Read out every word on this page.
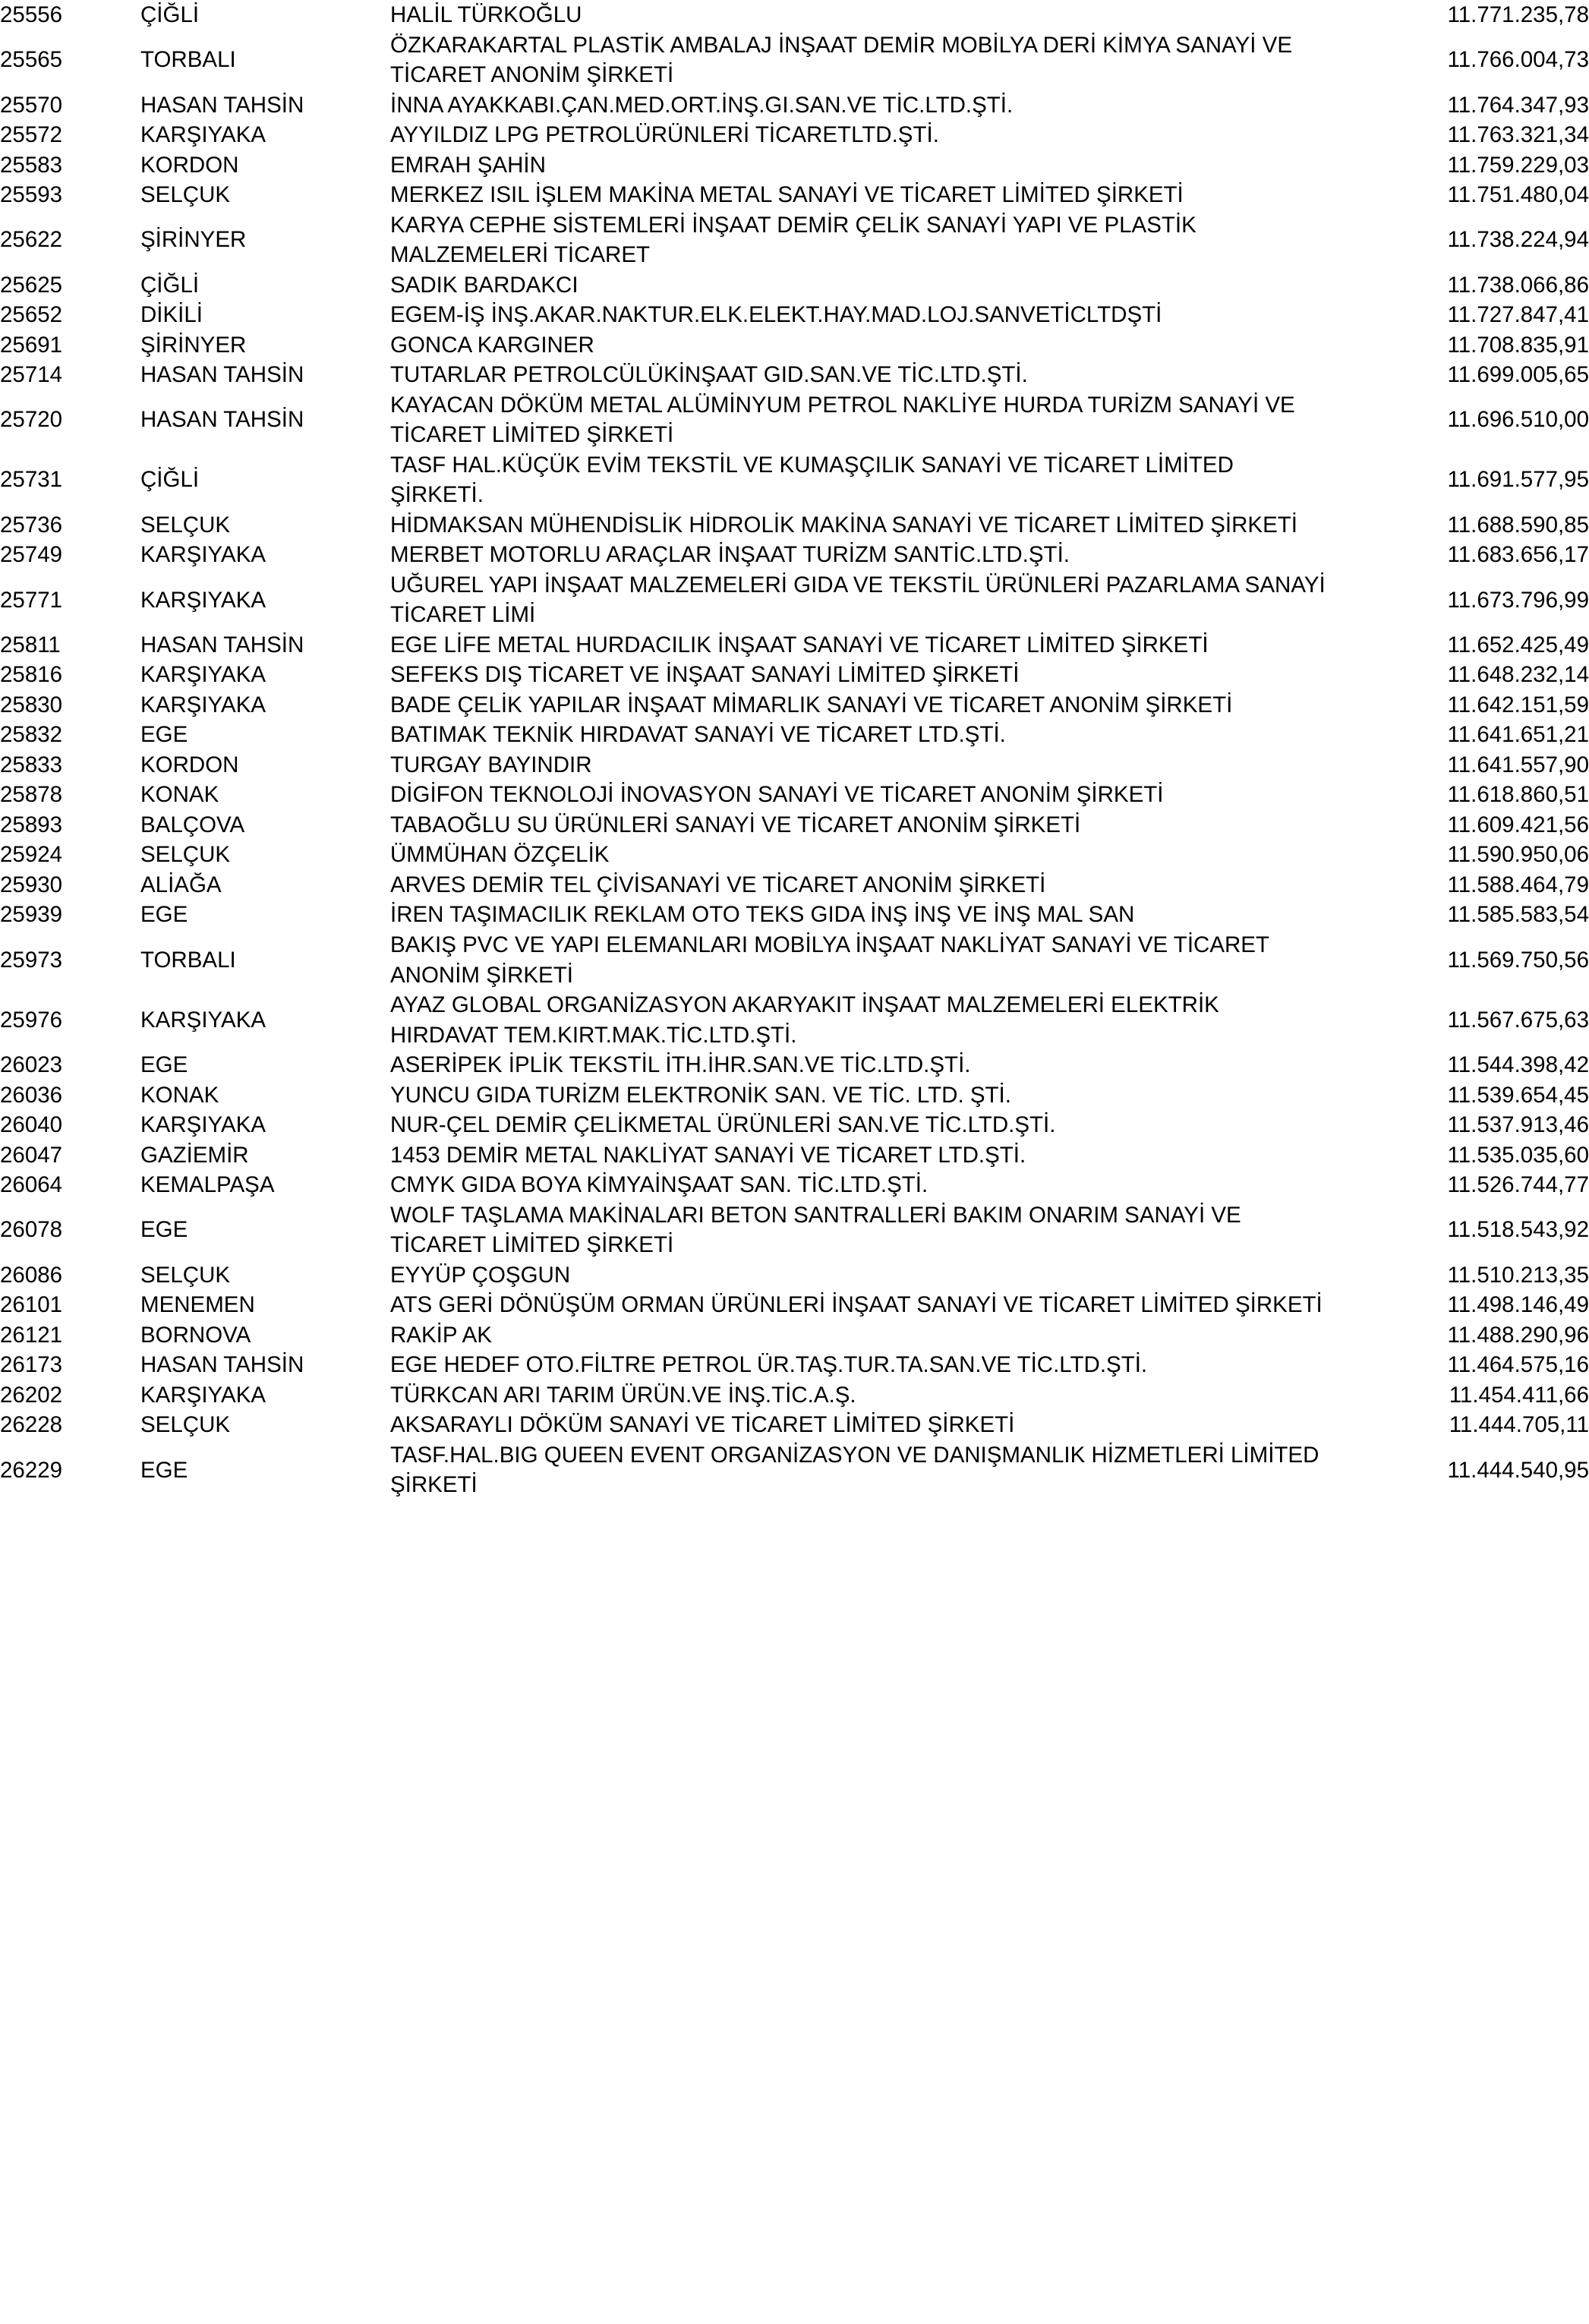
25556	ÇİĞLİ	HALİL TÜRKOĞLU	11.771.235,78
25565	TORBALI	ÖZKARAKARTAL PLASTİK AMBALAJ İNŞAAT DEMİR MOBİLYA DERİ KİMYA SANAYİ VE TİCARET ANONİM ŞİRKETİ	11.766.004,73
25570	HASAN TAHSİN	İNNA AYAKKABI.ÇAN.MED.ORT.İNŞ.GI.SAN.VE TİC.LTD.ŞTİ.	11.764.347,93
25572	KARŞIYAKA	AYYILDIZ LPG PETROLÜRÜNLERİ TİCARETLTD.ŞTİ.	11.763.321,34
25583	KORDON	EMRAH ŞAHİN	11.759.229,03
25593	SELÇUK	MERKEZ ISIL İŞLEM MAKİNA METAL SANAYİ VE TİCARET LİMİTED ŞİRKETİ	11.751.480,04
25622	ŞİRİNYER	KARYA CEPHE SİSTEMLERİ İNŞAAT DEMİR ÇELİK SANAYİ YAPI VE PLASTİK MALZEMELERİ TİCARET	11.738.224,94
25625	ÇİĞLİ	SADIK BARDAKCI	11.738.066,86
25652	DİKİLİ	EGEM-İŞ İNŞ.AKAR.NAKTUR.ELK.ELEKT.HAY.MAD.LOJ.SANVETİCLTDŞTİ	11.727.847,41
25691	ŞİRİNYER	GONCA KARGINER	11.708.835,91
25714	HASAN TAHSİN	TUTARLAR PETROLCÜLÜKİNŞAAT GID.SAN.VE TİC.LTD.ŞTİ.	11.699.005,65
25720	HASAN TAHSİN	KAYACAN DÖKÜM METAL ALÜMİNYUM PETROL NAKLİYE HURDA TURİZM SANAYİ VE TİCARET LİMİTED ŞİRKETİ	11.696.510,00
25731	ÇİĞLİ	TASF HAL.KÜÇÜK EVİM TEKSTİL VE KUMAŞÇILIK SANAYİ VE TİCARET LİMİTED ŞİRKETİ.	11.691.577,95
25736	SELÇUK	HİDMAKSAN MÜHENDİSLİK HİDROLİK MAKİNA SANAYİ VE TİCARET LİMİTED ŞİRKETİ	11.688.590,85
25749	KARŞIYAKA	MERBET MOTORLU ARAÇLAR İNŞAAT TURİZM SANTİC.LTD.ŞTİ.	11.683.656,17
25771	KARŞIYAKA	UĞUREL YAPI İNŞAAT MALZEMELERİ GIDA VE TEKSTİL ÜRÜNLERİ PAZARLAMA SANAYİ TİCARET LİMİ	11.673.796,99
25811	HASAN TAHSİN	EGE LİFE METAL HURDACILIK İNŞAAT SANAYİ VE TİCARET LİMİTED ŞİRKETİ	11.652.425,49
25816	KARŞIYAKA	SEFEKS DIŞ TİCARET VE İNŞAAT SANAYİ LİMİTED ŞİRKETİ	11.648.232,14
25830	KARŞIYAKA	BADE ÇELİK YAPILAR İNŞAAT MİMARLIK SANAYİ VE TİCARET ANONİM ŞİRKETİ	11.642.151,59
25832	EGE	BATIMAK TEKNİK HIRDAVAT SANAYİ VE TİCARET LTD.ŞTİ.	11.641.651,21
25833	KORDON	TURGAY BAYINDIR	11.641.557,90
25878	KONAK	DİGİFON TEKNOLOJİ İNOVASYON SANAYİ VE TİCARET ANONİM ŞİRKETİ	11.618.860,51
25893	BALÇOVA	TABAOĞLU SU ÜRÜNLERİ SANAYİ VE TİCARET ANONİM ŞİRKETİ	11.609.421,56
25924	SELÇUK	ÜMMÜHAN ÖZÇELİK	11.590.950,06
25930	ALİAĞA	ARVES DEMİR TEL ÇİVİSANAYİ VE TİCARET ANONİM ŞİRKETİ	11.588.464,79
25939	EGE	İREN TAŞIMACILIK REKLAM OTO TEKS GIDA İNŞ İNŞ VE İNŞ MAL SAN	11.585.583,54
25973	TORBALI	BAKIŞ PVC VE YAPI ELEMANLARI MOBİLYA İNŞAAT NAKLİYAT SANAYİ VE TİCARET ANONİM ŞİRKETİ	11.569.750,56
25976	KARŞIYAKA	AYAZ GLOBAL ORGANİZASYON AKARYAKIT İNŞAAT MALZEMELERİ ELEKTRİK HIRDAVAT TEM.KIRT.MAK.TİC.LTD.ŞTİ.	11.567.675,63
26023	EGE	ASERİPEK İPLİK TEKSTİL İTH.İHR.SAN.VE TİC.LTD.ŞTİ.	11.544.398,42
26036	KONAK	YUNCU GIDA TURİZM ELEKTRONİK SAN. VE TİC. LTD. ŞTİ.	11.539.654,45
26040	KARŞIYAKA	NUR-ÇEL DEMİR ÇELİKMETAL ÜRÜNLERİ SAN.VE TİC.LTD.ŞTİ.	11.537.913,46
26047	GAZİEMİR	1453 DEMİR METAL NAKLİYAT SANAYİ VE TİCARET LTD.ŞTİ.	11.535.035,60
26064	KEMALPAŞA	CMYK GIDA BOYA KİMYAİNŞAAT SAN. TİC.LTD.ŞTİ.	11.526.744,77
26078	EGE	WOLF TAŞLAMA MAKİNALARI BETON SANTRALLERİ BAKIM ONARIM SANAYİ VE TİCARET LİMİTED ŞİRKETİ	11.518.543,92
26086	SELÇUK	EYYÜP ÇOŞGUN	11.510.213,35
26101	MENEMEN	ATS GERİ DÖNÜŞÜM ORMAN ÜRÜNLERİ İNŞAAT SANAYİ VE TİCARET LİMİTED ŞİRKETİ	11.498.146,49
26121	BORNOVA	RAKİP AK	11.488.290,96
26173	HASAN TAHSİN	EGE HEDEF OTO.FİLTRE PETROL ÜR.TAŞ.TUR.TA.SAN.VE TİC.LTD.ŞTİ.	11.464.575,16
26202	KARŞIYAKA	TÜRKCAN ARI TARIM ÜRÜN.VE İNŞ.TİC.A.Ş.	11.454.411,66
26228	SELÇUK	AKSARAYLI DÖKÜM SANAYİ VE TİCARET LİMİTED ŞİRKETİ	11.444.705,11
26229	EGE	TASF.HAL.BIG QUEEN EVENT ORGANİZASYON VE DANIŞMANLIK HİZMETLERİ LİMİTED ŞİRKETİ	11.444.540,95
